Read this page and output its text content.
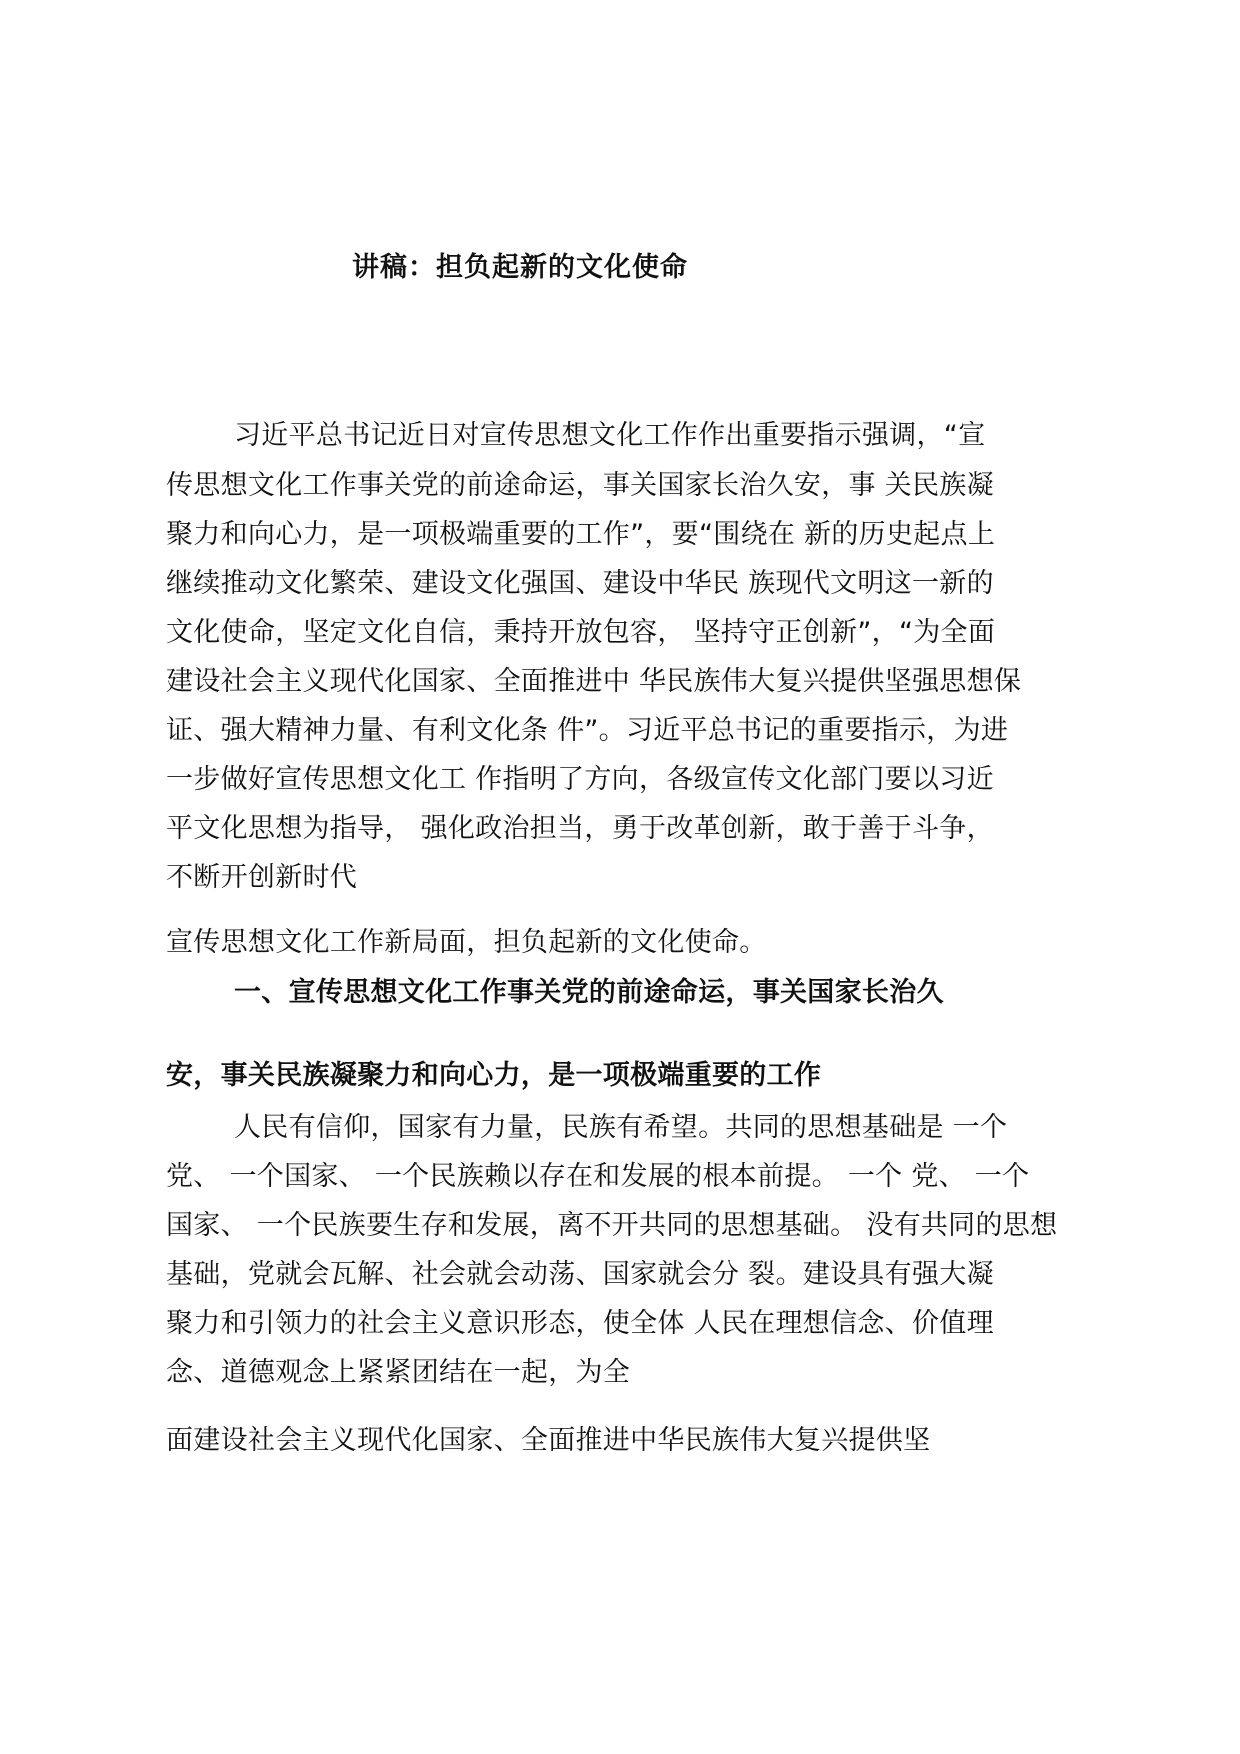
讲稿：担负起新的文化使命
习近平总书记近日对宣传思想文化工作作出重要指示强调，“宣
传思想文化工作事关党的前途命运，事关国家长治久安，事 关民族凝
聚力和向心力，是一项极端重要的工作”，要“围绕在 新的历史起点上
继续推动文化繁荣、建设文化强国、建设中华民 族现代文明这一新的
文化使命，坚定文化自信，秉持开放包容， 坚持守正创新”，“为全面
建设社会主义现代化国家、全面推进中 华民族伟大复兴提供坚强思想保
证、强大精神力量、有利文化条 件”。习近平总书记的重要指示，为进
一步做好宣传思想文化工 作指明了方向，各级宣传文化部门要以习近
平文化思想为指导， 强化政治担当，勇于改革创新，敢于善于斗争，
不断开创新时代
宣传思想文化工作新局面，担负起新的文化使命。
一、宣传思想文化工作事关党的前途命运，事关国家长治久
安，事关民族凝聚力和向心力，是一项极端重要的工作
人民有信仰，国家有力量，民族有希望。共同的思想基础是 一个
党、 一个国家、 一个民族赖以存在和发展的根本前提。 一个 党、 一个
国家、 一个民族要生存和发展，离不开共同的思想基础。 没有共同的思想
基础，党就会瓦解、社会就会动荡、国家就会分 裂。建设具有强大凝
聚力和引领力的社会主义意识形态，使全体 人民在理想信念、价值理
念、道德观念上紧紧团结在一起，为全
面建设社会主义现代化国家、全面推进中华民族伟大复兴提供坚
